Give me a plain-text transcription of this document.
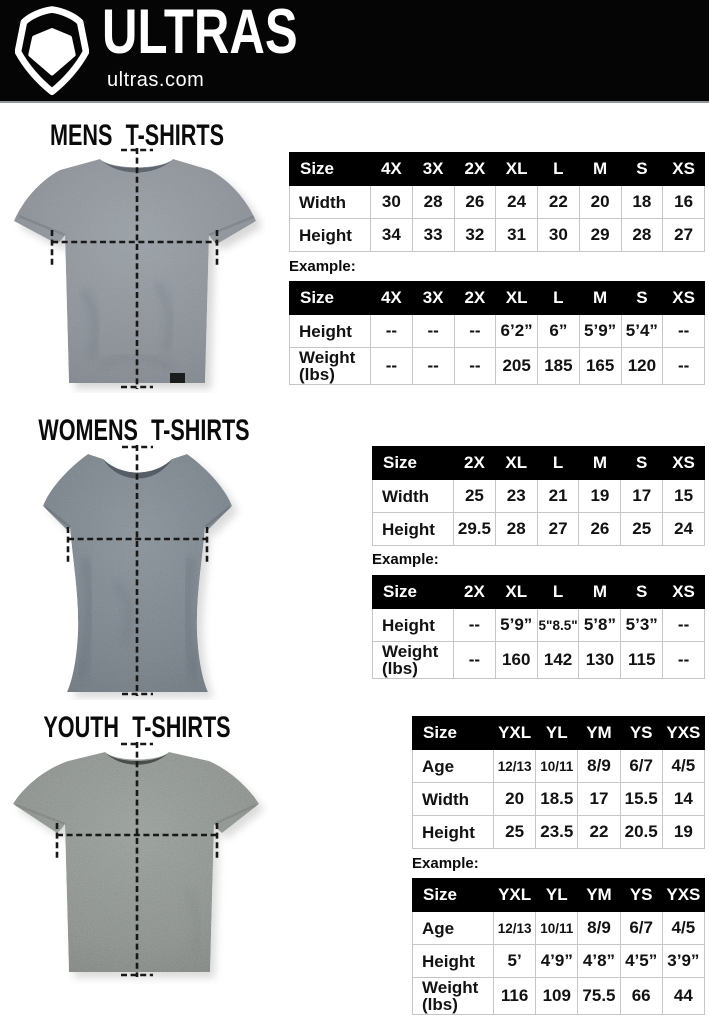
ULTRAS
ultras.com
MENS T-SHIRTS
Size	4X	3X	2X	XL	L	M	S	XS
Width	30	28	26	24	22	20	18	16
Height	34	33	32	31	30	29	28	27
Example:
Size	4X	3X	2X	XL	L	M	S	XS
Height	--	--	--	6’2”	6”	5’9”	5’4”	--
Weight (lbs)	--	--	--	205	185	165	120	--
WOMENS T-SHIRTS
Size	2X	XL	L	M	S	XS
Width	25	23	21	19	17	15
Height	29.5	28	27	26	25	24
Example:
Size	2X	XL	L	M	S	XS
Height	--	5’9”	5"8.5"	5’8”	5’3”	--
Weight (lbs)	--	160	142	130	115	--
YOUTH T-SHIRTS	Size	YXL	YL	YM	YS	YXS
Age	12/13	10/11	8/9	6/7	4/5
Width	20	18.5	17	15.5	14
Height	25	23.5	22	20.5	19
Example:
Size	YXL	YL	YM	YS	YXS
Age	12/13	10/11	8/9	6/7	4/5
Height	5’	4’9”	4’8”	4’5”	3’9”
Weight (lbs)	116	109	75.5	66	44
